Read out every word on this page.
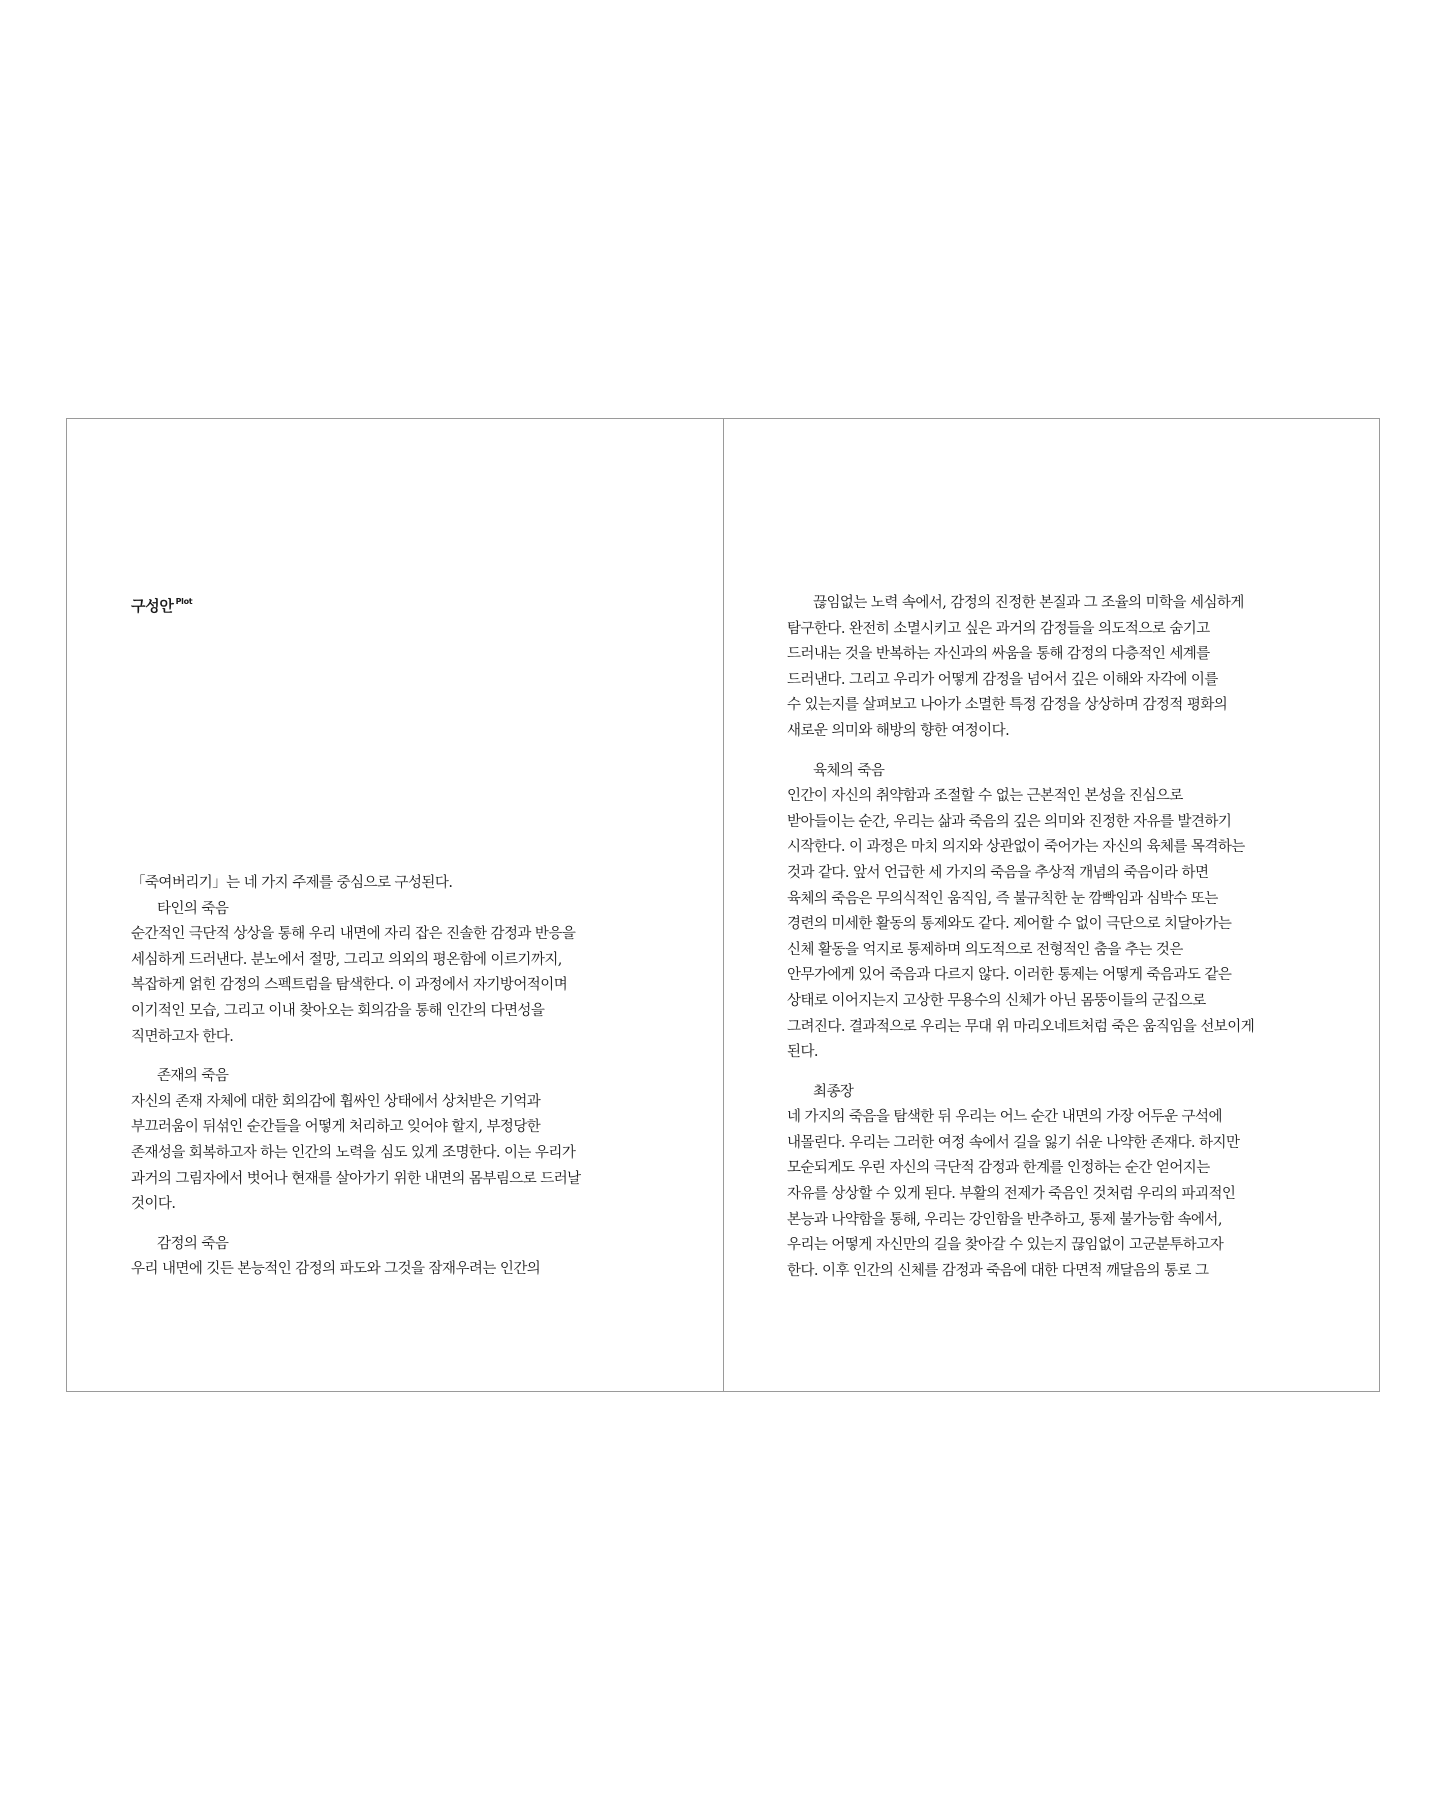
구성안 $^{Plot}$
「죽여버리기」는 네 가지 주제를 중심으로 구성된다.
타인의 죽음
순간적인 극단적 상상을 통해 우리 내면에 자리 잡은 진솔한 감정과 반응을
세심하게 드러낸다. 분노에서 절망, 그리고 의외의 평온함에 이르기까지,
복잡하게 얽힌 감정의 스펙트럼을 탐색한다. 이 과정에서 자기방어적이며
이기적인 모습, 그리고 이내 찾아오는 회의감을 통해 인간의 다면성을
직면하고자 한다.
존재의 죽음
자신의 존재 자체에 대한 회의감에 휩싸인 상태에서 상처받은 기억과
부끄러움이 뒤섞인 순간들을 어떻게 처리하고 잊어야 할지, 부정당한
존재성을 회복하고자 하는 인간의 노력을 심도 있게 조명한다. 이는 우리가
과거의 그림자에서 벗어나 현재를 살아가기 위한 내면의 몸부림으로 드러날
것이다.
감정의 죽음
우리 내면에 깃든 본능적인 감정의 파도와 그것을 잠재우려는 인간의
끊임없는 노력 속에서, 감정의 진정한 본질과 그 조율의 미학을 세심하게
탐구한다. 완전히 소멸시키고 싶은 과거의 감정들을 의도적으로 숨기고
드러내는 것을 반복하는 자신과의 싸움을 통해 감정의 다층적인 세계를
드러낸다. 그리고 우리가 어떻게 감정을 넘어서 깊은 이해와 자각에 이를
수 있는지를 살펴보고 나아가 소멸한 특정 감정을 상상하며 감정적 평화의
새로운 의미와 해방의 향한 여정이다.
육체의 죽음
인간이 자신의 취약함과 조절할 수 없는 근본적인 본성을 진심으로
받아들이는 순간, 우리는 삶과 죽음의 깊은 의미와 진정한 자유를 발견하기
시작한다. 이 과정은 마치 의지와 상관없이 죽어가는 자신의 육체를 목격하는
것과 같다. 앞서 언급한 세 가지의 죽음을 추상적 개념의 죽음이라 하면
육체의 죽음은 무의식적인 움직임, 즉 불규칙한 눈 깜빡임과 심박수 또는
경련의 미세한 활동의 통제와도 같다. 제어할 수 없이 극단으로 치달아가는
신체 활동을 억지로 통제하며 의도적으로 전형적인 춤을 추는 것은
안무가에게 있어 죽음과 다르지 않다. 이러한 통제는 어떻게 죽음과도 같은
상태로 이어지는지 고상한 무용수의 신체가 아닌 몸뚱이들의 군집으로
그려진다. 결과적으로 우리는 무대 위 마리오네트처럼 죽은 움직임을 선보이게
된다.
최종장
네 가지의 죽음을 탐색한 뒤 우리는 어느 순간 내면의 가장 어두운 구석에
내몰린다. 우리는 그러한 여정 속에서 길을 잃기 쉬운 나약한 존재다. 하지만
모순되게도 우린 자신의 극단적 감정과 한계를 인정하는 순간 얻어지는
자유를 상상할 수 있게 된다. 부활의 전제가 죽음인 것처럼 우리의 파괴적인
본능과 나약함을 통해, 우리는 강인함을 반추하고, 통제 불가능함 속에서,
우리는 어떻게 자신만의 길을 찾아갈 수 있는지 끊임없이 고군분투하고자
한다. 이후 인간의 신체를 감정과 죽음에 대한 다면적 깨달음의 통로 그
